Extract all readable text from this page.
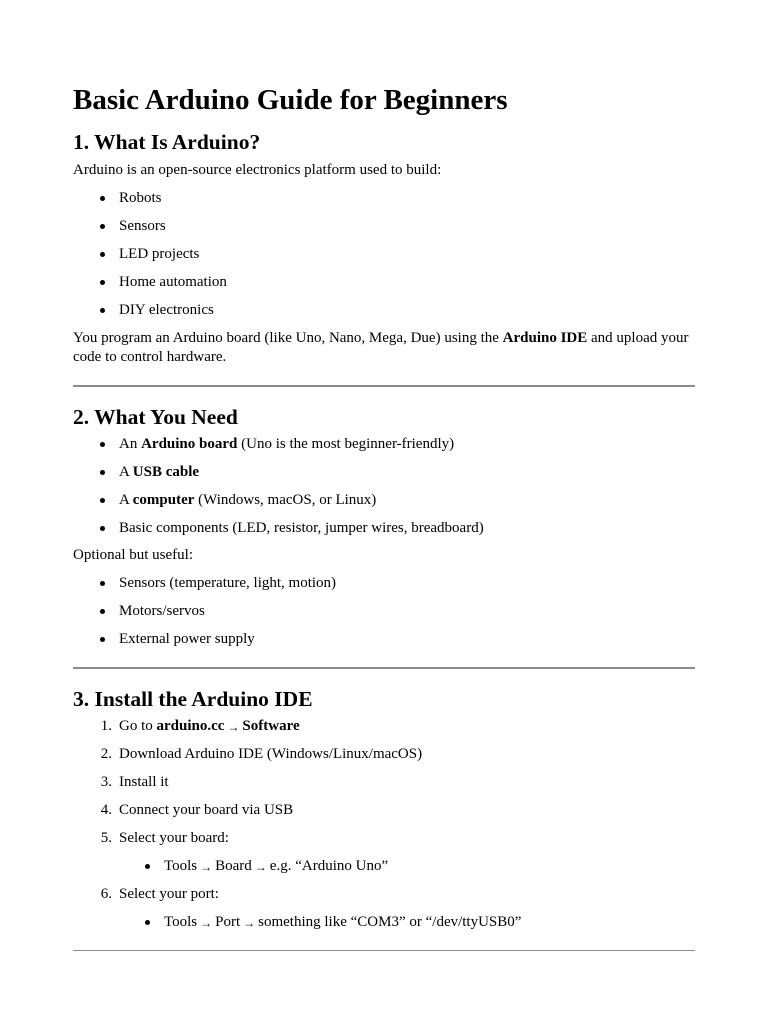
Basic Arduino Guide for Beginners
1. What Is Arduino?

Arduino is an open-source electronics platform used to build:

Robots
Sensors
LED projects
Home automation
DIY electronics

You program an Arduino board (like Uno, Nano, Mega, Due) using the Arduino IDE and upload your code to control hardware.

2. What You Need
An Arduino board (Uno is the most beginner-friendly)
A USB cable
A computer (Windows, macOS, or Linux)
Basic components (LED, resistor, jumper wires, breadboard)

Optional but useful:

Sensors (temperature, light, motion)
Motors/servos
External power supply
3. Install the Arduino IDE
1. Go to arduino.cc → Software
2. Download Arduino IDE (Windows/Linux/macOS)
3. Install it
4. Connect your board via USB
5. Select your board:
Tools → Board → e.g. “Arduino Uno”
6. Select your port:
Tools → Port → something like “COM3” or “/dev/ttyUSB0”
